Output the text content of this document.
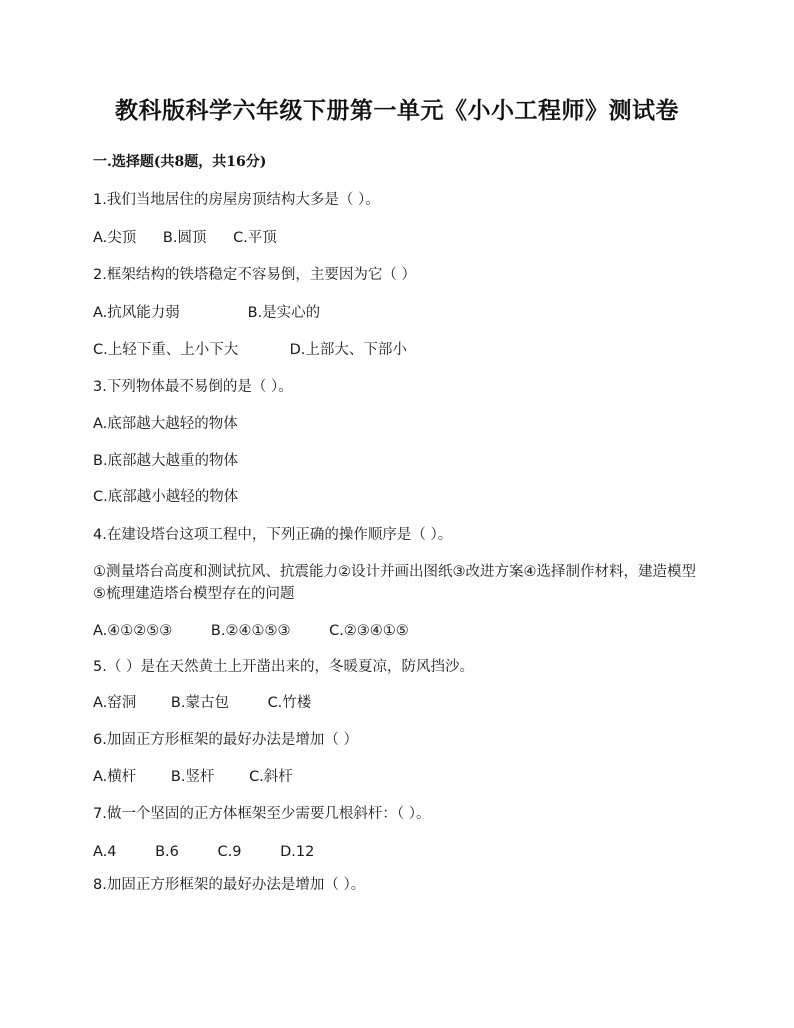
教科版科学六年级下册第一单元《小小工程师》测试卷
一.选择题(共8题，共16分)
1.我们当地居住的房屋房顶结构大多是（ ）。
A.尖顶 B.圆顶 C.平顶
2.框架结构的铁塔稳定不容易倒，主要因为它（ ）
A.抗风能力弱	B.是实心的
C.上轻下重、上小下大	D.上部大、下部小
3.下列物体最不易倒的是（ ）。
A.底部越大越轻的物体
B.底部越大越重的物体
C.底部越小越轻的物体
4.在建设塔台这项工程中，下列正确的操作顺序是（ ）。
①测量塔台高度和测试抗风、抗震能力②设计并画出图纸③改进方案④选择制作材料，建造模型⑤梳理建造塔台模型存在的问题
A.④①②⑤③	B.②④①⑤③	C.②③④①⑤
5.（ ）是在天然黄土上开凿出来的，冬暖夏凉，防风挡沙。
A.窑洞 B.蒙古包	C.竹楼
6.加固正方形框架的最好办法是增加（ ）
A.横杆 B.竖杆 C.斜杆
7.做一个坚固的正方体框架至少需要几根斜杆：（ ）。
A.4	B.6	C.9	D.12
8.加固正方形框架的最好办法是增加（ ）。
